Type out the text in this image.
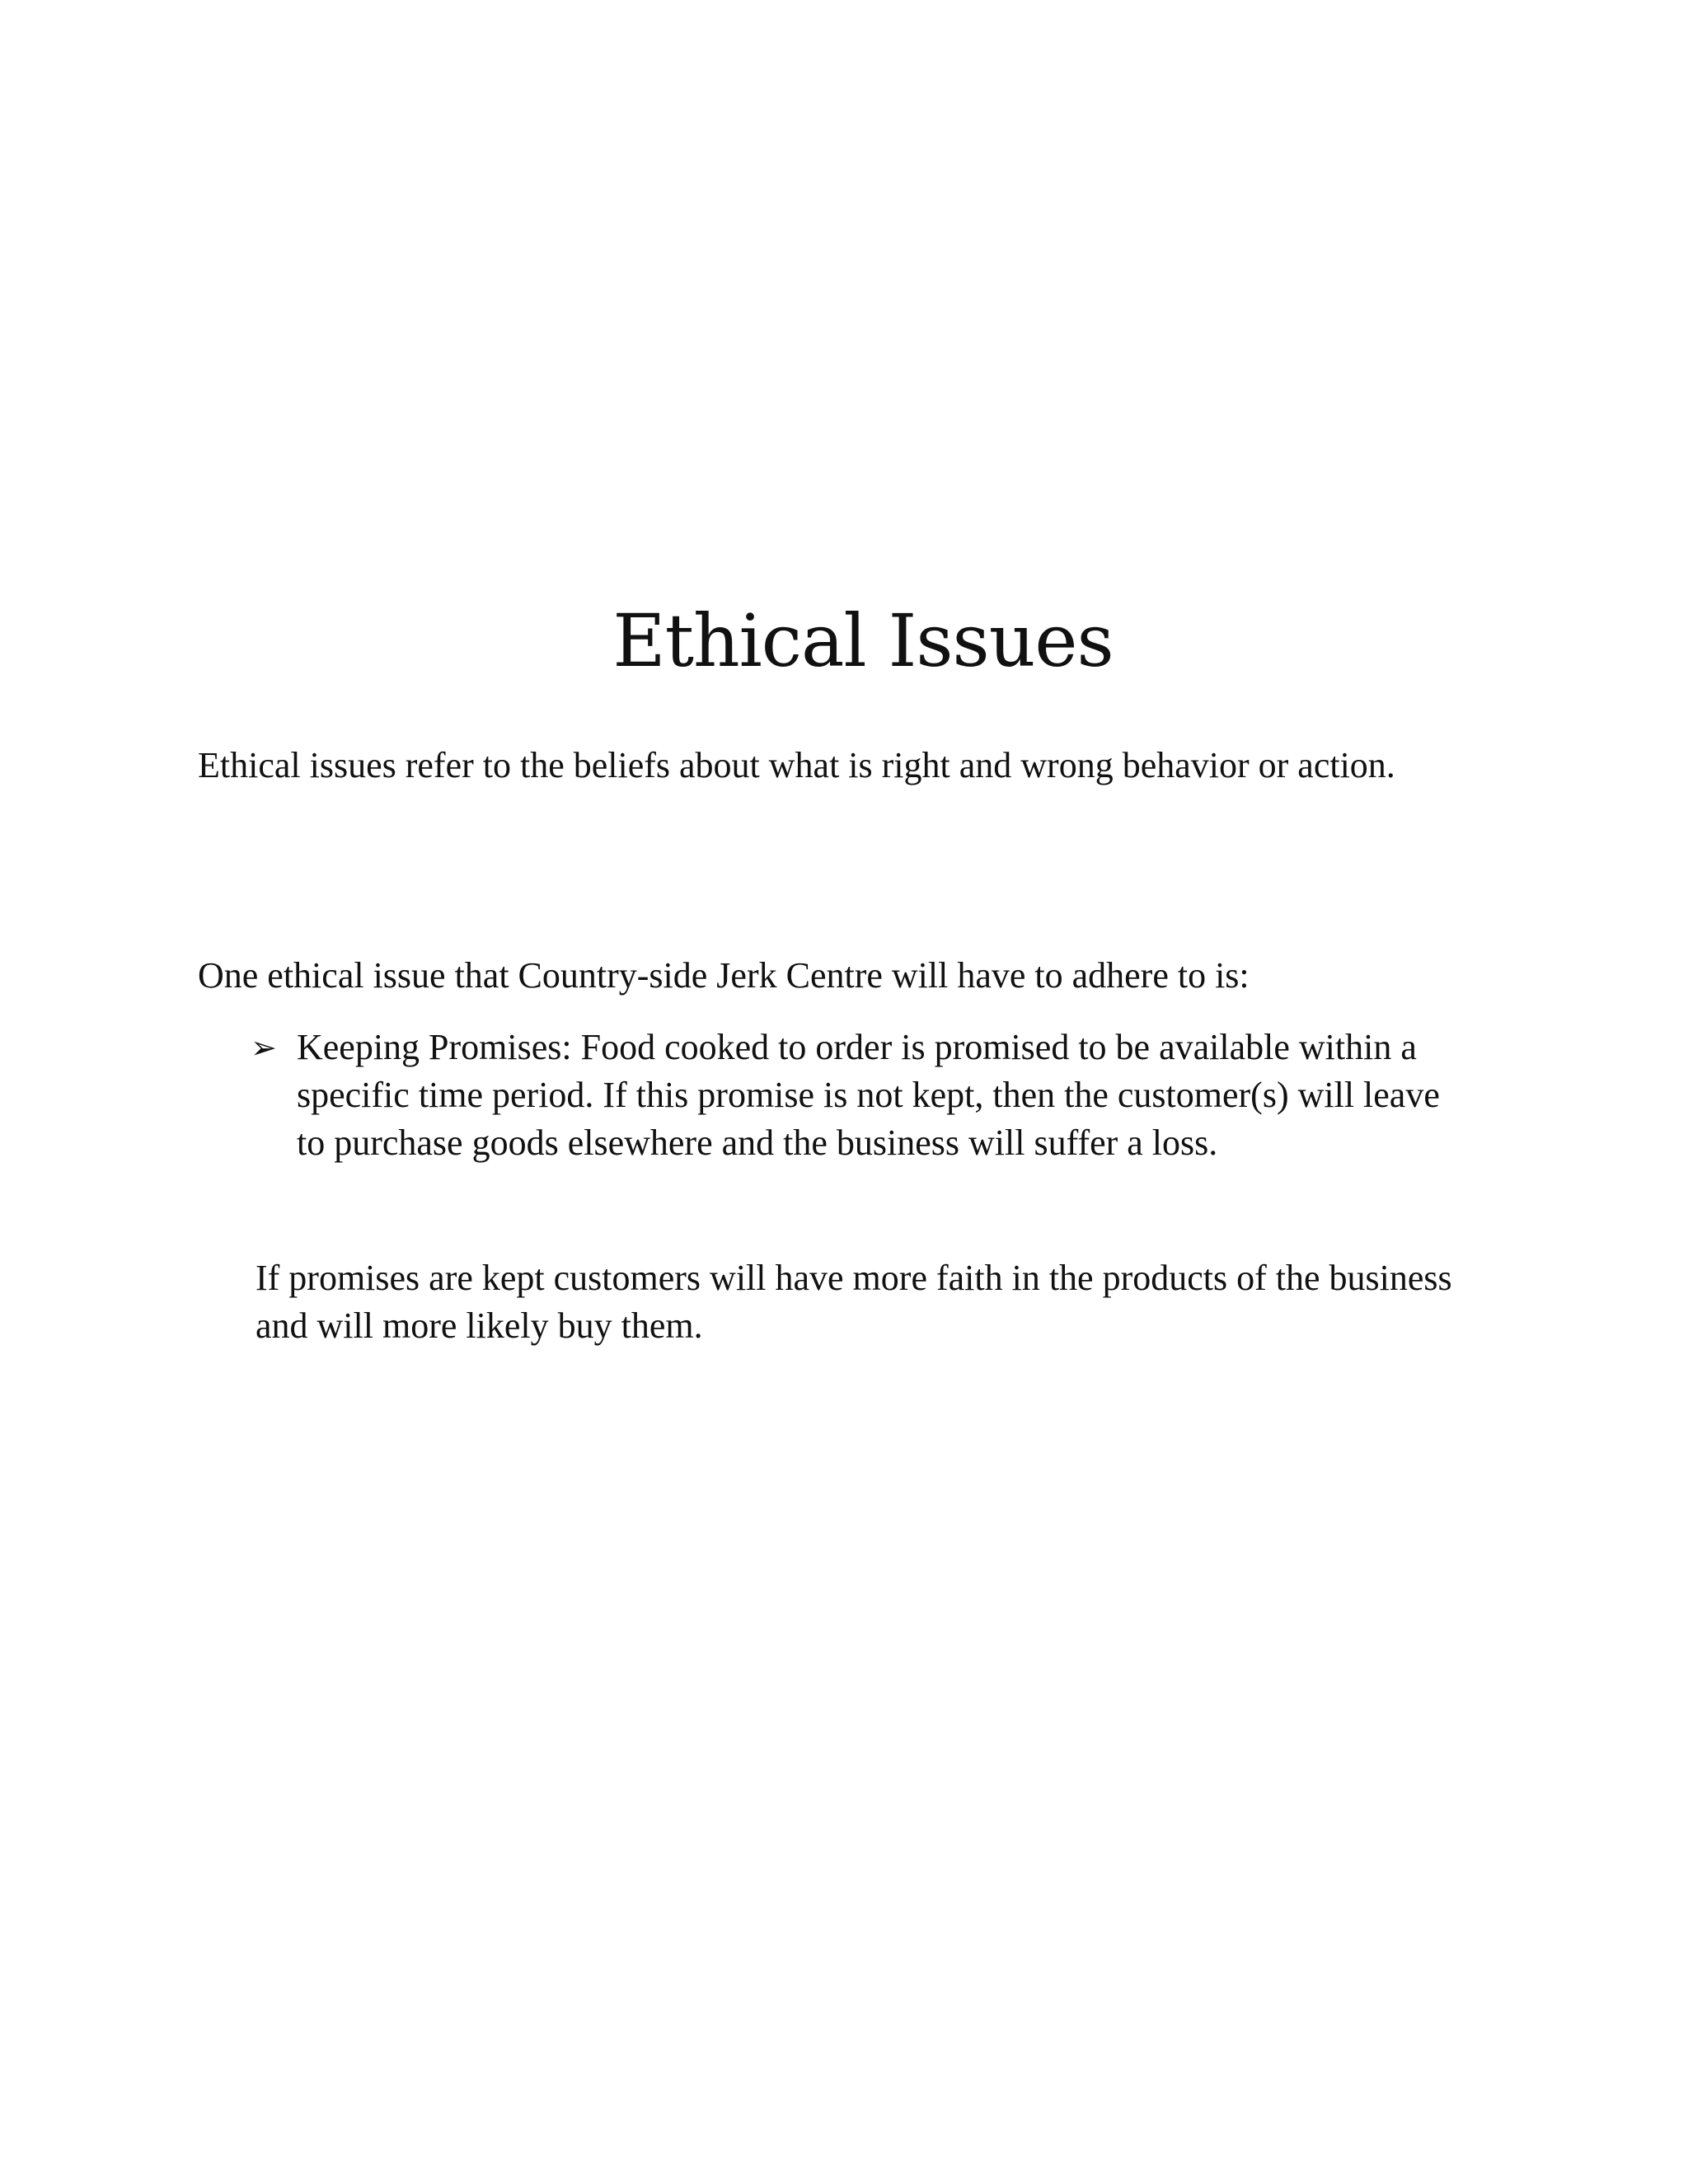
Ethical Issues

Ethical issues refer to the beliefs about what is right and wrong behavior or action.

One ethical issue that Country-side Jerk Centre will have to adhere to is:

➢ Keeping Promises: Food cooked to order is promised to be available within a specific time period. If this promise is not kept, then the customer(s) will leave to purchase goods elsewhere and the business will suffer a loss.

If promises are kept customers will have more faith in the products of the business and will more likely buy them.
